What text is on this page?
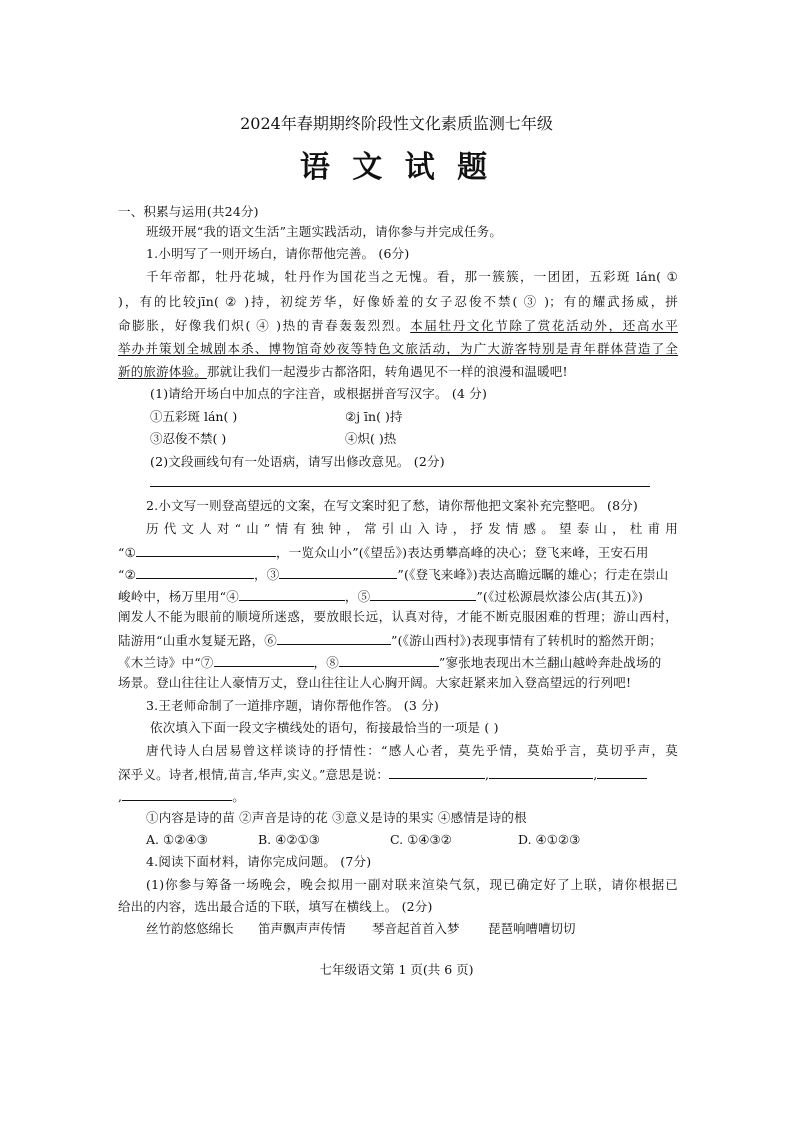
2024年春期期终阶段性文化素质监测七年级
语 文 试 题
一、积累与运用(共24分)
班级开展“我的语文生活”主题实践活动，请你参与并完成任务。
1.小明写了一则开场白，请你帮他完善。 (6分)
千年帝都，牡丹花城，牡丹作为国花当之无愧。看，那一簇簇，一团团，五彩斑 lán( ①
)，有的比较jīn( ② )持，初绽芳华，好像娇羞的女子忍俊不禁( ③ )；有的耀武扬威，拼
命膨胀，好像我们炽( ④ )热的青春轰轰烈烈。本届牡丹文化节除了赏花活动外，还高水平
举办并策划全城剧本杀、博物馆奇妙夜等特色文旅活动，为广大游客特别是青年群体营造了全
新的旅游体验。那就让我们一起漫步古都洛阳，转角遇见不一样的浪漫和温暖吧!
(1)请给开场白中加点的字注音，或根据拼音写汉字。 (4 分)
①五彩斑 lán( )	②j īn( )持
③忍俊不禁( )	④炽( )热
(2)文段画线句有一处语病，请写出修改意见。 (2分)
2.小文写一则登高望远的文案，在写文案时犯了愁，请你帮他把文案补充完整吧。 (8分)
历代文人对“山”情有独钟，常引山入诗，抒发情感。望泰山，杜甫用
“①	，一览众山小”(《望岳》)表达勇攀高峰的决心；登飞来峰，王安石用
“②	，③	”(《登飞来峰》)表达高瞻远瞩的雄心；行走在崇山
峻岭中，杨万里用“④	，⑤	”(《过松源晨炊漆公店(其五)》)
阐发人不能为眼前的顺境所迷惑，要放眼长远，认真对待，才能不断克服困难的哲理；游山西村，
陆游用“山重水复疑无路，⑥	”(《游山西村》)表现事情有了转机时的豁然开朗；
《木兰诗》中“⑦	，⑧	”寥张地表现出木兰翻山越岭奔赴战场的
场景。登山往往让人豪情万丈，登山往往让人心胸开阔。大家赶紧来加入登高望远的行列吧!
3.王老师命制了一道排序题，请你帮他作答。 (3 分)
依次填入下面一段文字横线处的语句，衔接最恰当的一项是 ( )
唐代诗人白居易曾这样谈诗的抒情性：“感人心者，莫先乎情，莫始乎言，莫切乎声，莫
深乎义。诗者,根情,苗言,华声,实义。”意思是说：	,	,
,	。
①内容是诗的苗 ②声音是诗的花 ③意义是诗的果实 ④感情是诗的根
A. ①②④③	B. ④②①③	C. ①④③②	D. ④①②③
4.阅读下面材料，请你完成问题。 (7分)
(1)你参与筹备一场晚会，晚会拟用一副对联来渲染气氛，现已确定好了上联，请你根据已
给出的内容，选出最合适的下联，填写在横线上。 (2分)
丝竹韵悠悠绵长 笛声飘声声传情 琴音起首首入梦 琵琶响嘈嘈切切
七年级语文第 1 页(共 6 页)
